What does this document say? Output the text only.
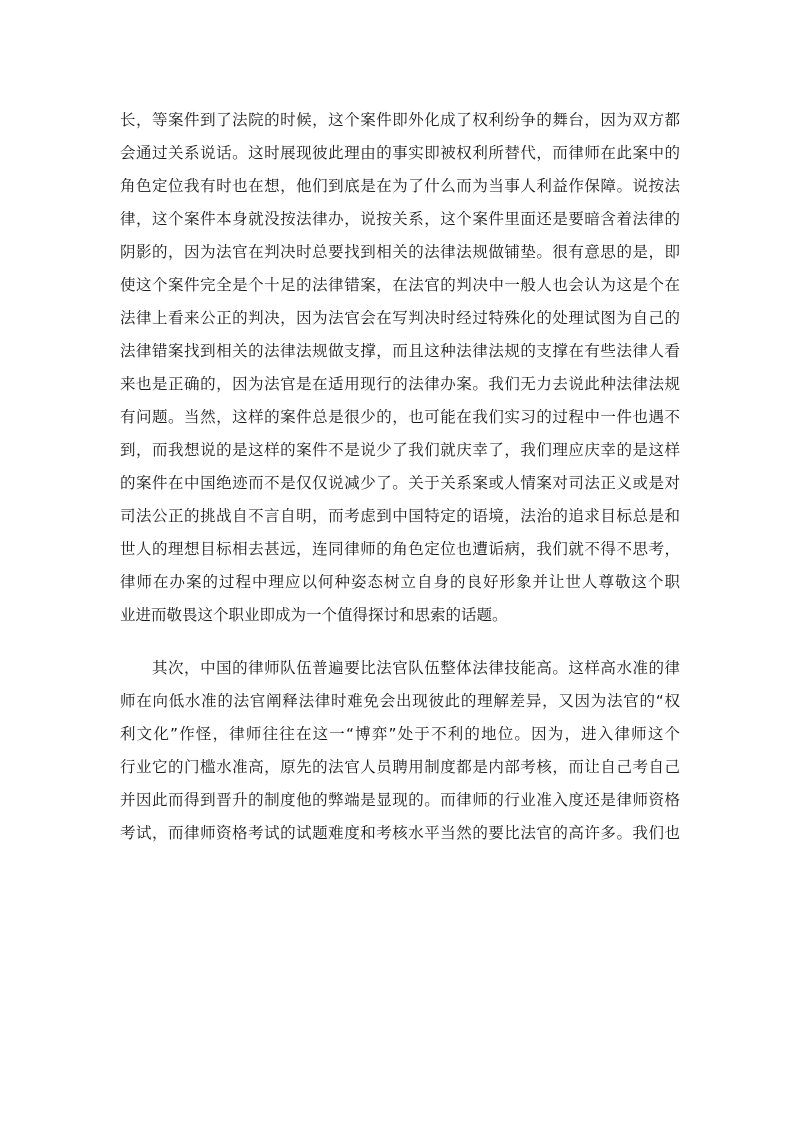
长，等案件到了法院的时候，这个案件即外化成了权利纷争的舞台，因为双方都
会通过关系说话。这时展现彼此理由的事实即被权利所替代，而律师在此案中的
角色定位我有时也在想，他们到底是在为了什么而为当事人利益作保障。说按法
律，这个案件本身就没按法律办，说按关系，这个案件里面还是要暗含着法律的
阴影的，因为法官在判决时总要找到相关的法律法规做铺垫。很有意思的是，即
使这个案件完全是个十足的法律错案，在法官的判决中一般人也会认为这是个在
法律上看来公正的判决，因为法官会在写判决时经过特殊化的处理试图为自己的
法律错案找到相关的法律法规做支撑，而且这种法律法规的支撑在有些法律人看
来也是正确的，因为法官是在适用现行的法律办案。我们无力去说此种法律法规
有问题。当然，这样的案件总是很少的，也可能在我们实习的过程中一件也遇不
到，而我想说的是这样的案件不是说少了我们就庆幸了，我们理应庆幸的是这样
的案件在中国绝迹而不是仅仅说减少了。关于关系案或人情案对司法正义或是对
司法公正的挑战自不言自明，而考虑到中国特定的语境，法治的追求目标总是和
世人的理想目标相去甚远，连同律师的角色定位也遭诟病，我们就不得不思考，
律师在办案的过程中理应以何种姿态树立自身的良好形象并让世人尊敬这个职
业进而敬畏这个职业即成为一个值得探讨和思索的话题。
　　其次，中国的律师队伍普遍要比法官队伍整体法律技能高。这样高水准的律
师在向低水准的法官阐释法律时难免会出现彼此的理解差异，又因为法官的“权
利文化”作怪，律师往往在这一“博弈”处于不利的地位。因为，进入律师这个
行业它的门槛水准高，原先的法官人员聘用制度都是内部考核，而让自己考自己
并因此而得到晋升的制度他的弊端是显现的。而律师的行业准入度还是律师资格
考试，而律师资格考试的试题难度和考核水平当然的要比法官的高许多。我们也
